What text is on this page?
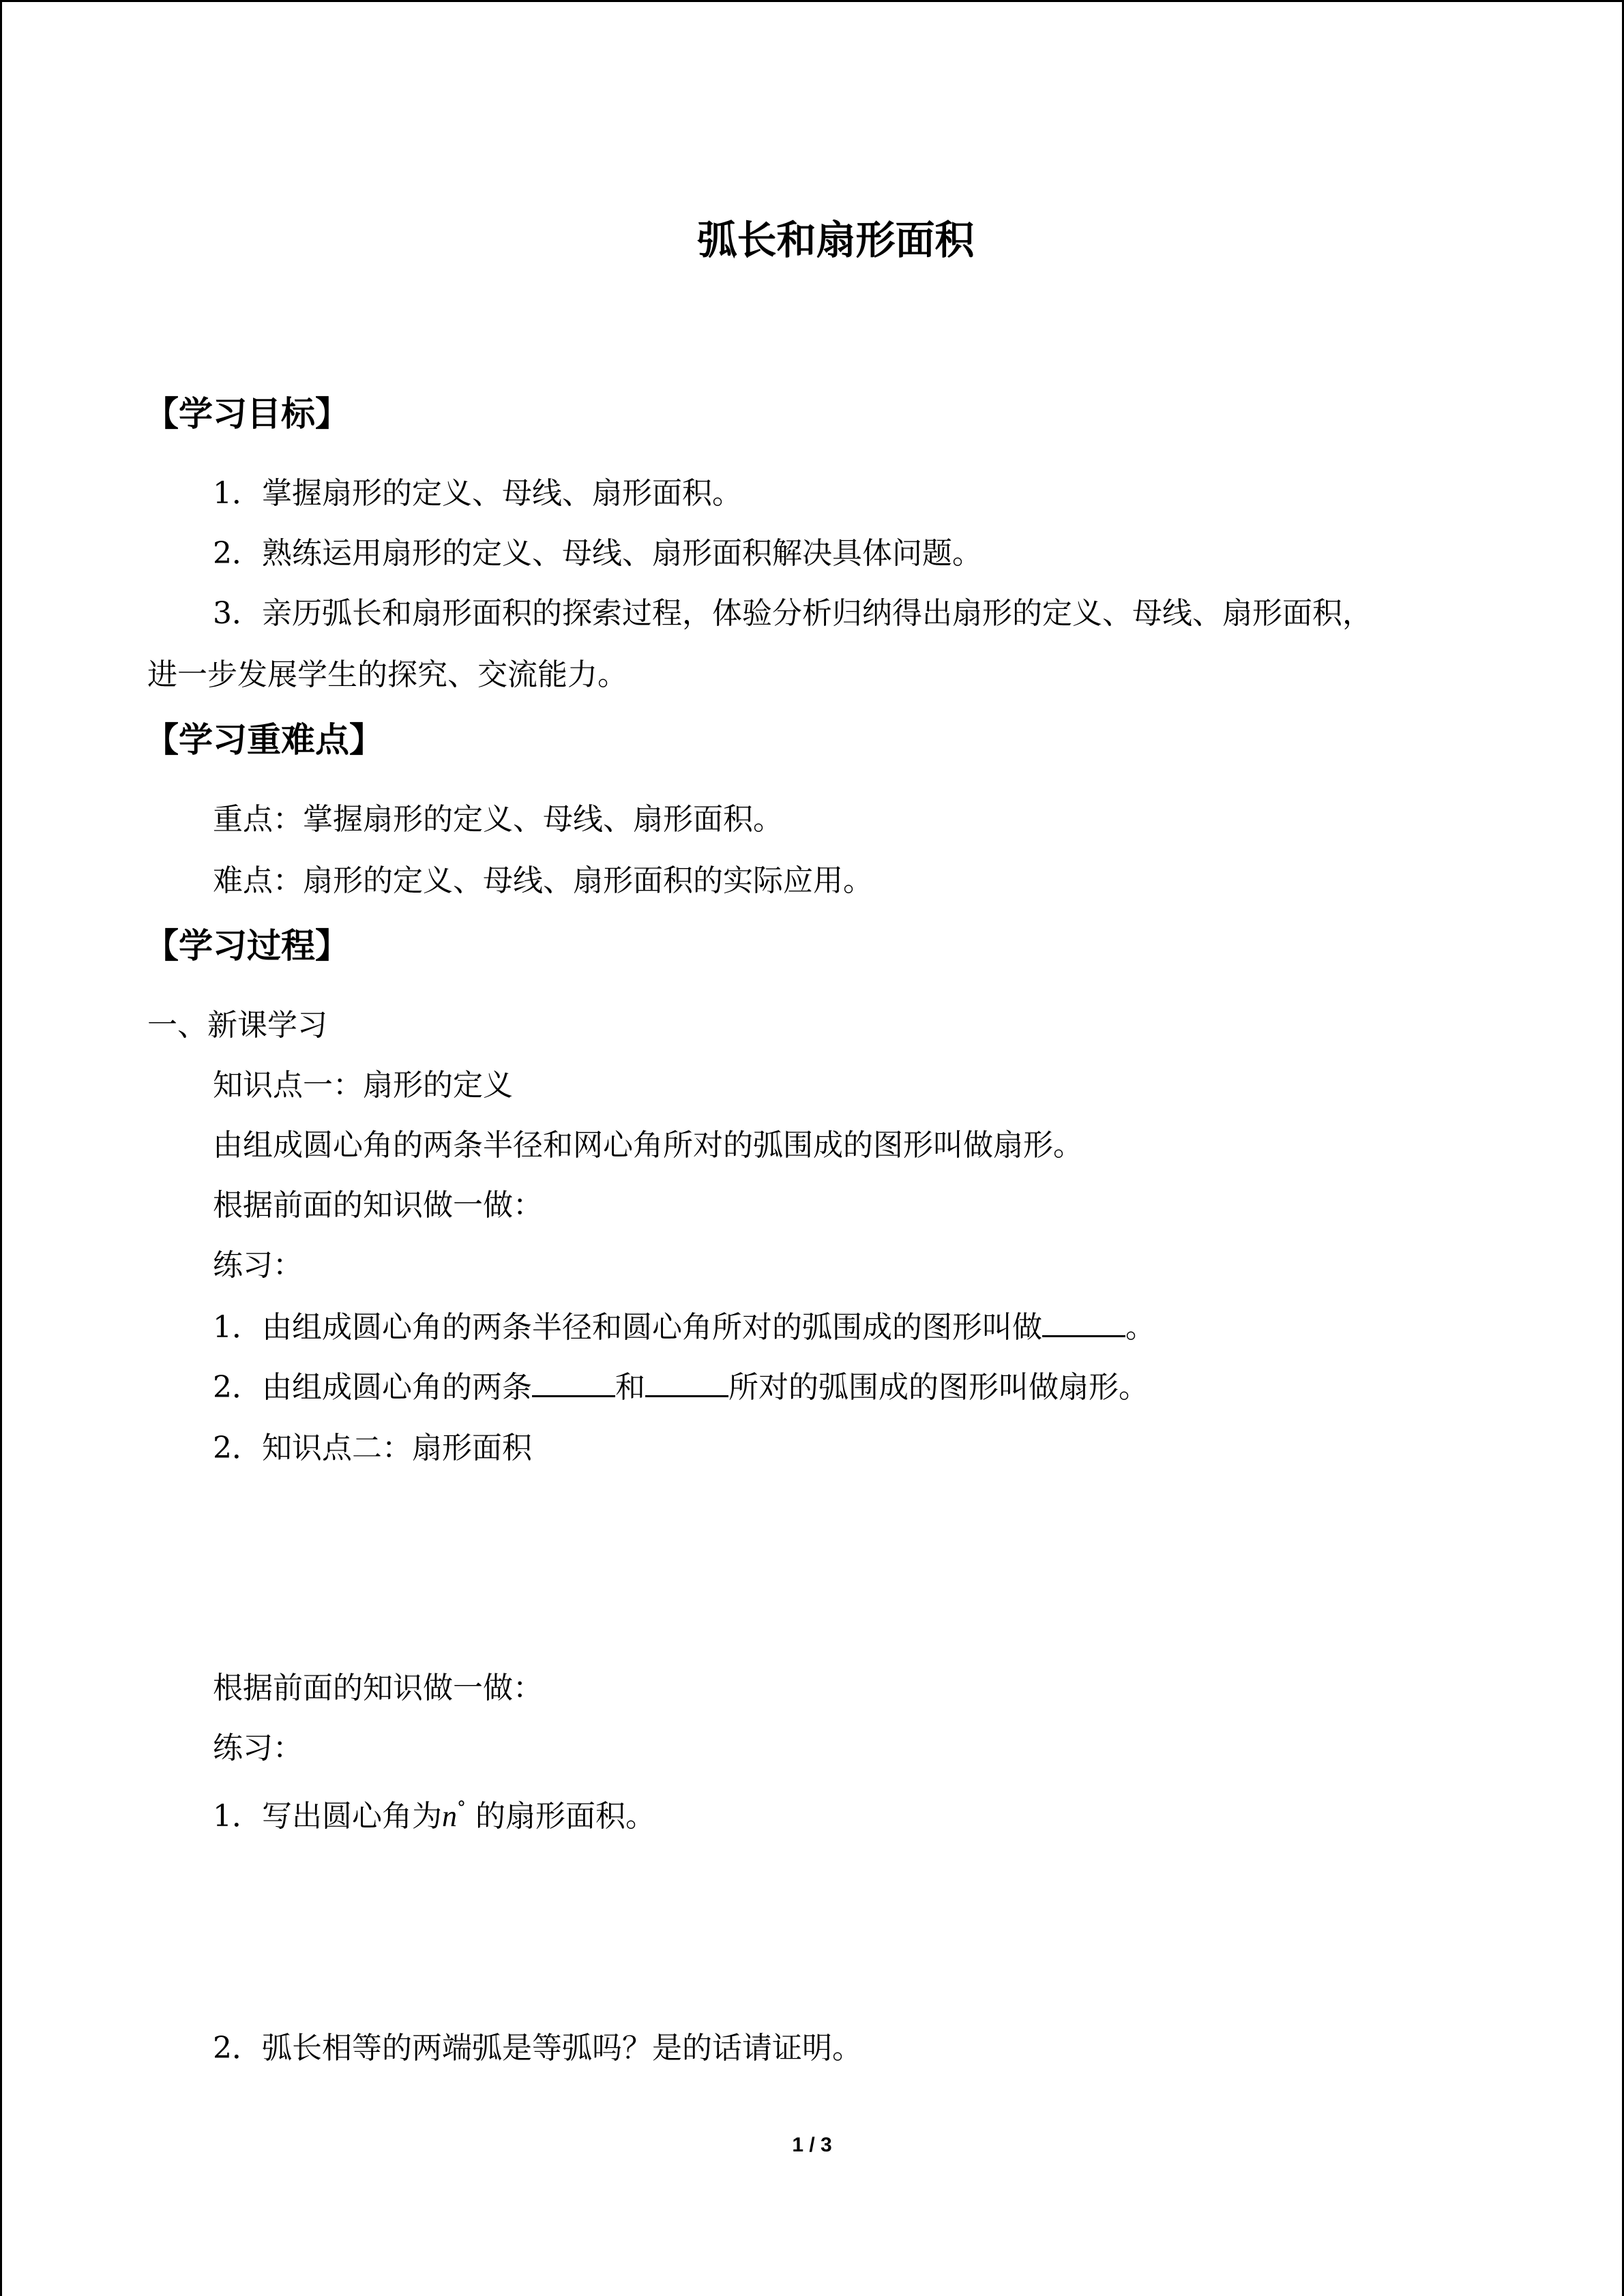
弧长和扇形面积
【学习目标】

1．掌握扇形的定义、母线、扇形面积。

2．熟练运用扇形的定义、母线、扇形面积解决具体问题。

3．亲历弧长和扇形面积的探索过程，体验分析归纳得出扇形的定义、母线、扇形面积，

进一步发展学生的探究、交流能力。

【学习重难点】

重点：掌握扇形的定义、母线、扇形面积。

难点：扇形的定义、母线、扇形面积的实际应用。

【学习过程】

一、新课学习

知识点一：扇形的定义

由组成圆心角的两条半径和网心角所对的弧围成的图形叫做扇形。

根据前面的知识做一做：

练习：

1．由组成圆心角的两条半径和圆心角所对的弧围成的图形叫做	。

2．由组成圆心角的两条	和	所对的弧围成的图形叫做扇形。

2．知识点二：扇形面积

根据前面的知识做一做：

练习：

1．写出圆心角为n° 的扇形面积。

2．弧长相等的两端弧是等弧吗？是的话请证明。

1 / 3
